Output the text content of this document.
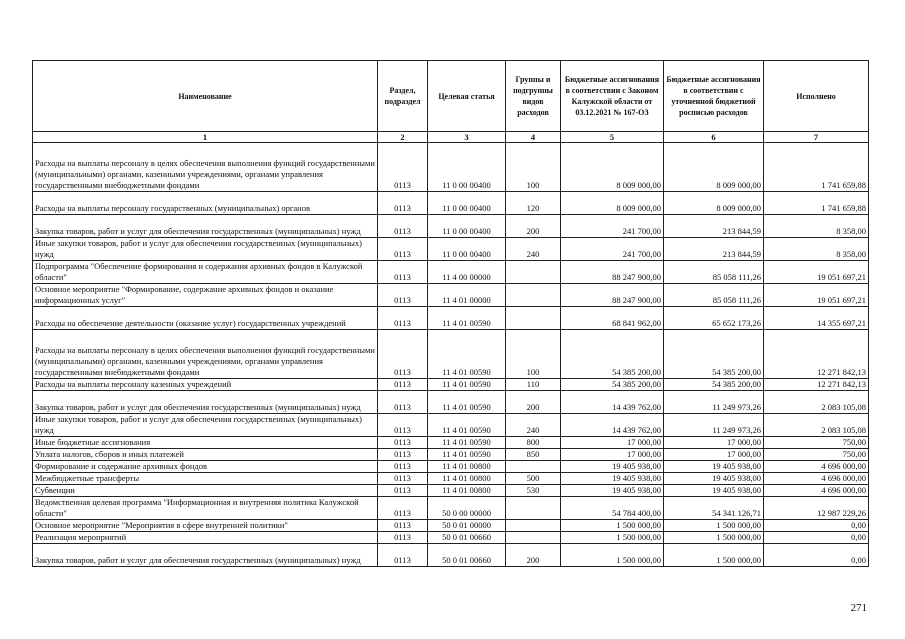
Наименование	Раздел, подраздел	Целевая статья	Группы и подгруппы видов расходов	Бюджетные ассигнования в соответствии с Законом Калужской области от 03.12.2021 № 167-ОЗ	Бюджетные ассигнования в соответствии с уточненной бюджетной росписью расходов	Исполнено
1	2	3	4	5	6	7
Расходы на выплаты персоналу в целях обеспечения выполнения функций государственными (муниципальными) органами, казенными учреждениями, органами управления государственными внебюджетными фондами	0113	11 0 00 00400	100	8 009 000,00	8 009 000,00	1 741 659,88
Расходы на выплаты персоналу государственных (муниципальных) органов	0113	11 0 00 00400	120	8 009 000,00	8 009 000,00	1 741 659,88
Закупка товаров, работ и услуг для обеспечения государственных (муниципальных) нужд	0113	11 0 00 00400	200	241 700,00	213 844,59	8 358,00
Иные закупки товаров, работ и услуг для обеспечения государственных (муниципальных) нужд	0113	11 0 00 00400	240	241 700,00	213 844,59	8 358,00
Подпрограмма "Обеспечение формирования и содержания архивных фондов в Калужской области"	0113	11 4 00 00000		88 247 900,00	85 058 111,26	19 051 697,21
Основное мероприятие "Формирование, содержание архивных фондов и оказание информационных услуг"	0113	11 4 01 00000		88 247 900,00	85 058 111,26	19 051 697,21
Расходы на обеспечение деятельности (оказание услуг) государственных учреждений	0113	11 4 01 00590		68 841 962,00	65 652 173,26	14 355 697,21
Расходы на выплаты персоналу в целях обеспечения выполнения функций государственными (муниципальными) органами, казенными учреждениями, органами управления государственными внебюджетными фондами	0113	11 4 01 00590	100	54 385 200,00	54 385 200,00	12 271 842,13
Расходы на выплаты персоналу казенных учреждений	0113	11 4 01 00590	110	54 385 200,00	54 385 200,00	12 271 842,13
Закупка товаров, работ и услуг для обеспечения государственных (муниципальных) нужд	0113	11 4 01 00590	200	14 439 762,00	11 249 973,26	2 083 105,08
Иные закупки товаров, работ и услуг для обеспечения государственных (муниципальных) нужд	0113	11 4 01 00590	240	14 439 762,00	11 249 973,26	2 083 105,08
Иные бюджетные ассигнования	0113	11 4 01 00590	800	17 000,00	17 000,00	750,00
Уплата налогов, сборов и иных платежей	0113	11 4 01 00590	850	17 000,00	17 000,00	750,00
Формирование и содержание архивных фондов	0113	11 4 01 00800		19 405 938,00	19 405 938,00	4 696 000,00
Межбюджетные трансферты	0113	11 4 01 00800	500	19 405 938,00	19 405 938,00	4 696 000,00
Субвенции	0113	11 4 01 00800	530	19 405 938,00	19 405 938,00	4 696 000,00
Ведомственная целевая программа "Информационная и внутренняя политика Калужской области"	0113	50 0 00 00000		54 784 400,00	54 341 126,71	12 987 229,26
Основное мероприятие "Мероприятия в сфере внутренней политики"	0113	50 0 01 00000		1 500 000,00	1 500 000,00	0,00
Реализация мероприятий	0113	50 0 01 00660		1 500 000,00	1 500 000,00	0,00
Закупка товаров, работ и услуг для обеспечения государственных (муниципальных) нужд	0113	50 0 01 00660	200	1 500 000,00	1 500 000,00	0,00
271
